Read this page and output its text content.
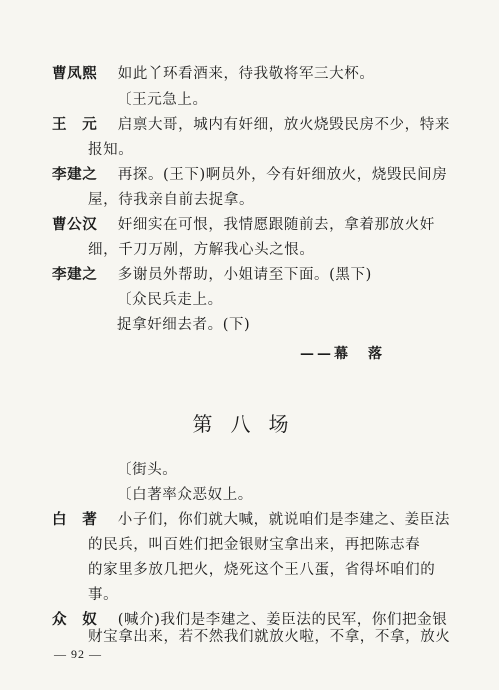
曹凤熙 如此丫环看酒来，待我敬将军三大杯。
〔王元急上。
王　元 启禀大哥，城内有奸细，放火烧毁民房不少，特来
报知。
李建之 再探。(王下)啊员外，今有奸细放火，烧毁民间房
屋，待我亲自前去捉拿。
曹公汉 奸细实在可恨，我情愿跟随前去，拿着那放火奸
细，千刀万剐，方解我心头之恨。
李建之 多谢员外帮助，小姐请至下面。(黑下)
〔众民兵走上。
捉拿奸细去者。(下)
——幕　落
第八场
〔街头。
〔白著率众恶奴上。
白　著 小子们，你们就大喊，就说咱们是李建之、姜臣法
的民兵，叫百姓们把金银财宝拿出来，再把陈志春
的家里多放几把火，烧死这个王八蛋，省得坏咱们的
事。
众　奴 (喊介)我们是李建之、姜臣法的民军，你们把金银
财宝拿出来，若不然我们就放火啦，不拿，不拿，放火
— 92 —
